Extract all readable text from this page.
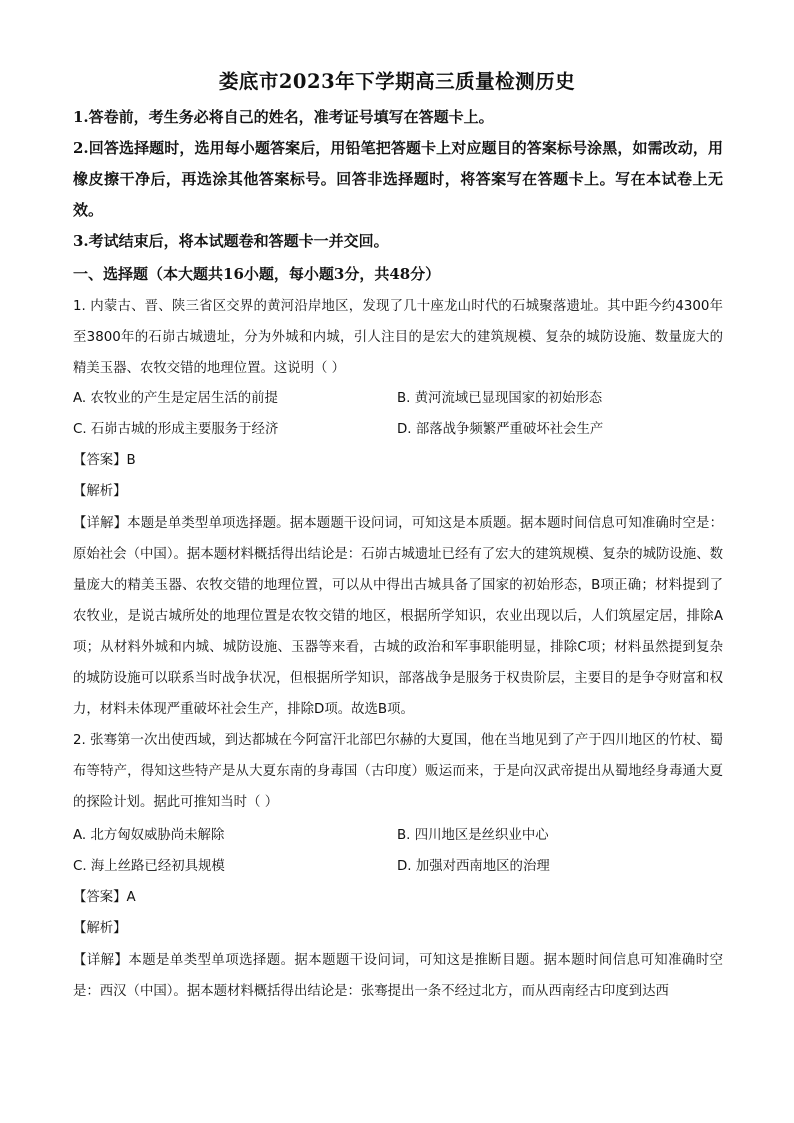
娄底市2023年下学期高三质量检测历史
1.答卷前，考生务必将自己的姓名，准考证号填写在答题卡上。
2.回答选择题时，选用每小题答案后，用铅笔把答题卡上对应题目的答案标号涂黑，如需改动，用橡皮擦干净后，再选涂其他答案标号。回答非选择题时，将答案写在答题卡上。写在本试卷上无效。
3.考试结束后，将本试题卷和答题卡一并交回。
一、选择题（本大题共16小题，每小题3分，共48分）
1. 内蒙古、晋、陕三省区交界的黄河沿岸地区，发现了几十座龙山时代的石城聚落遗址。其中距今约4300年至3800年的石峁古城遗址，分为外城和内城，引人注目的是宏大的建筑规模、复杂的城防设施、数量庞大的精美玉器、农牧交错的地理位置。这说明（ ）
A. 农牧业的产生是定居生活的前提	B. 黄河流域已显现国家的初始形态
C. 石峁古城的形成主要服务于经济	D. 部落战争频繁严重破坏社会生产
【答案】B
【解析】
【详解】本题是单类型单项选择题。据本题题干设问词，可知这是本质题。据本题时间信息可知准确时空是：原始社会（中国）。据本题材料概括得出结论是：石峁古城遗址已经有了宏大的建筑规模、复杂的城防设施、数量庞大的精美玉器、农牧交错的地理位置，可以从中得出古城具备了国家的初始形态，B项正确；材料提到了农牧业，是说古城所处的地理位置是农牧交错的地区，根据所学知识，农业出现以后，人们筑屋定居，排除A项；从材料外城和内城、城防设施、玉器等来看，古城的政治和军事职能明显，排除C项；材料虽然提到复杂的城防设施可以联系当时战争状况，但根据所学知识，部落战争是服务于权贵阶层，主要目的是争夺财富和权力，材料未体现严重破坏社会生产，排除D项。故选B项。
2. 张骞第一次出使西域，到达都城在今阿富汗北部巴尔赫的大夏国，他在当地见到了产于四川地区的竹杖、蜀布等特产，得知这些特产是从大夏东南的身毒国（古印度）贩运而来，于是向汉武帝提出从蜀地经身毒通大夏的探险计划。据此可推知当时（ ）
A. 北方匈奴威胁尚未解除	B. 四川地区是丝织业中心
C. 海上丝路已经初具规模	D. 加强对西南地区的治理
【答案】A
【解析】
【详解】本题是单类型单项选择题。据本题题干设问词，可知这是推断目题。据本题时间信息可知准确时空是：西汉（中国）。据本题材料概括得出结论是：张骞提出一条不经过北方，而从西南经古印度到达西
